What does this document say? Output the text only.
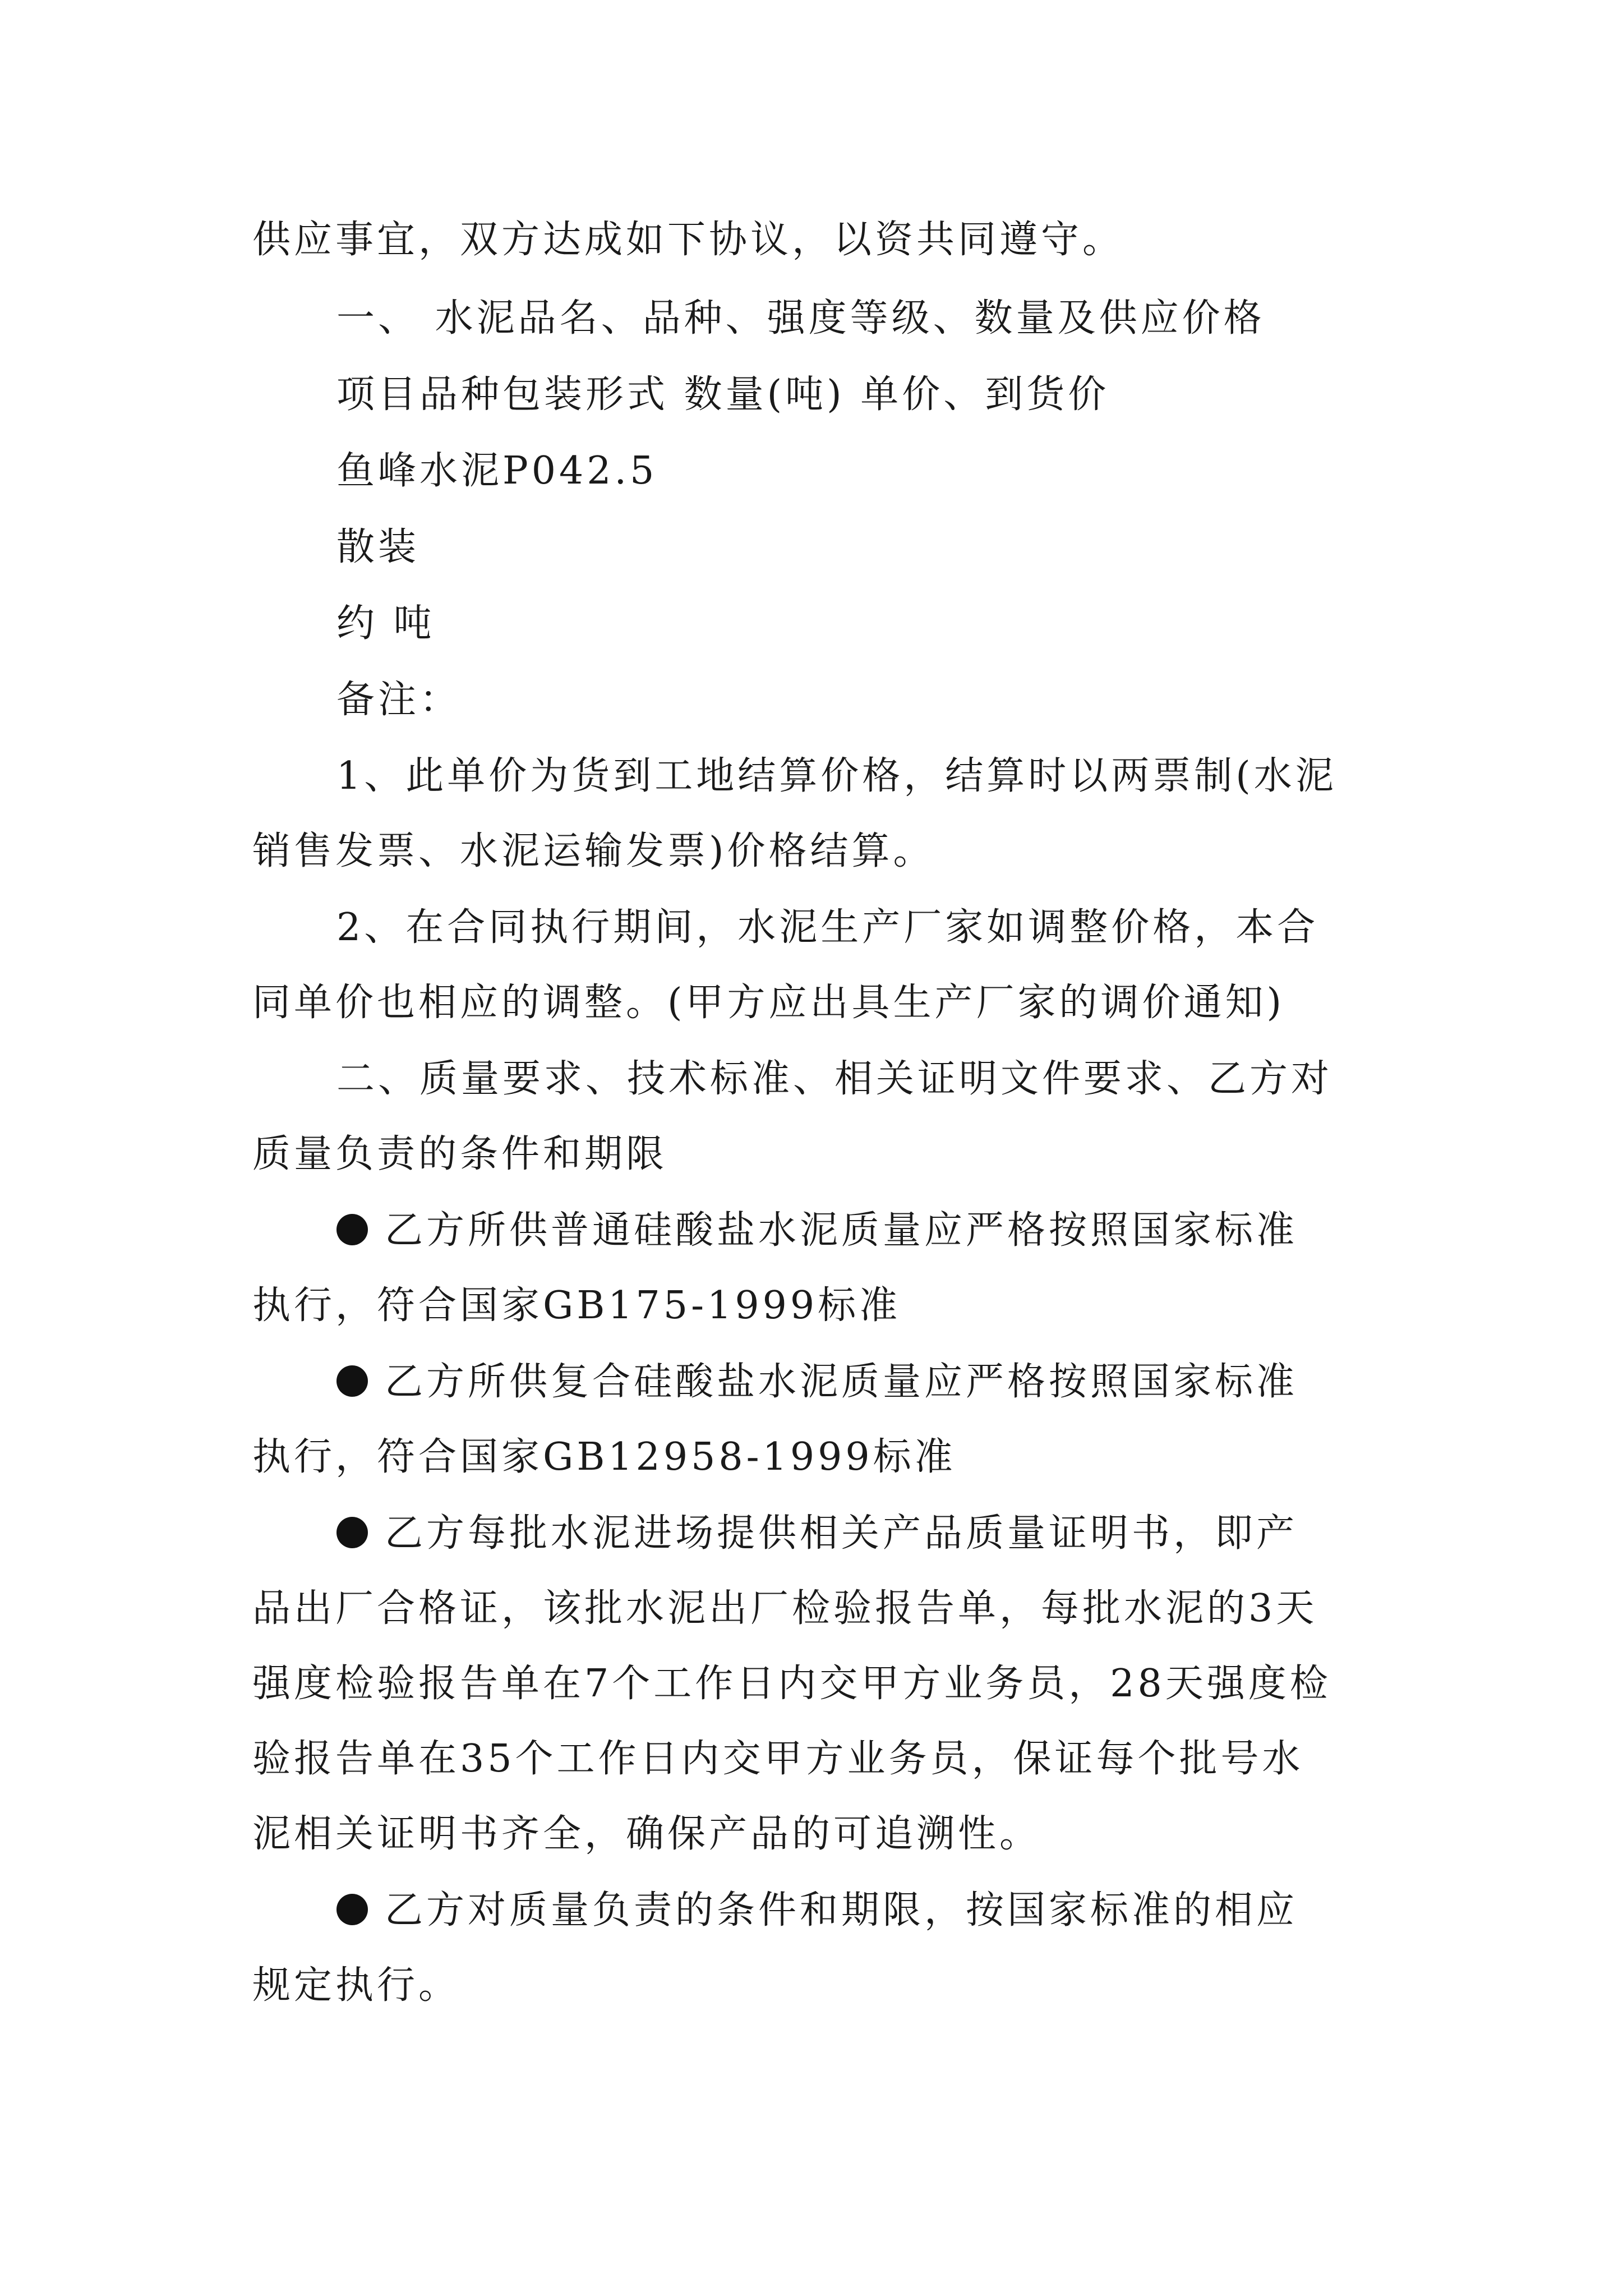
供应事宜，双方达成如下协议，以资共同遵守。
一、 水泥品名、品种、强度等级、数量及供应价格
项目品种包装形式 数量(吨) 单价、到货价
鱼峰水泥P042.5
散装
约 吨
备注：
1、此单价为货到工地结算价格，结算时以两票制(水泥
销售发票、水泥运输发票)价格结算。
2、在合同执行期间，水泥生产厂家如调整价格，本合
同单价也相应的调整。(甲方应出具生产厂家的调价通知)
二、质量要求、技术标准、相关证明文件要求、乙方对
质量负责的条件和期限
乙方所供普通硅酸盐水泥质量应严格按照国家标准
执行，符合国家GB175-1999标准
乙方所供复合硅酸盐水泥质量应严格按照国家标准
执行，符合国家GB12958-1999标准
乙方每批水泥进场提供相关产品质量证明书，即产
品出厂合格证，该批水泥出厂检验报告单，每批水泥的3天
强度检验报告单在7个工作日内交甲方业务员，28天强度检
验报告单在35个工作日内交甲方业务员，保证每个批号水
泥相关证明书齐全，确保产品的可追溯性。
乙方对质量负责的条件和期限，按国家标准的相应
规定执行。
